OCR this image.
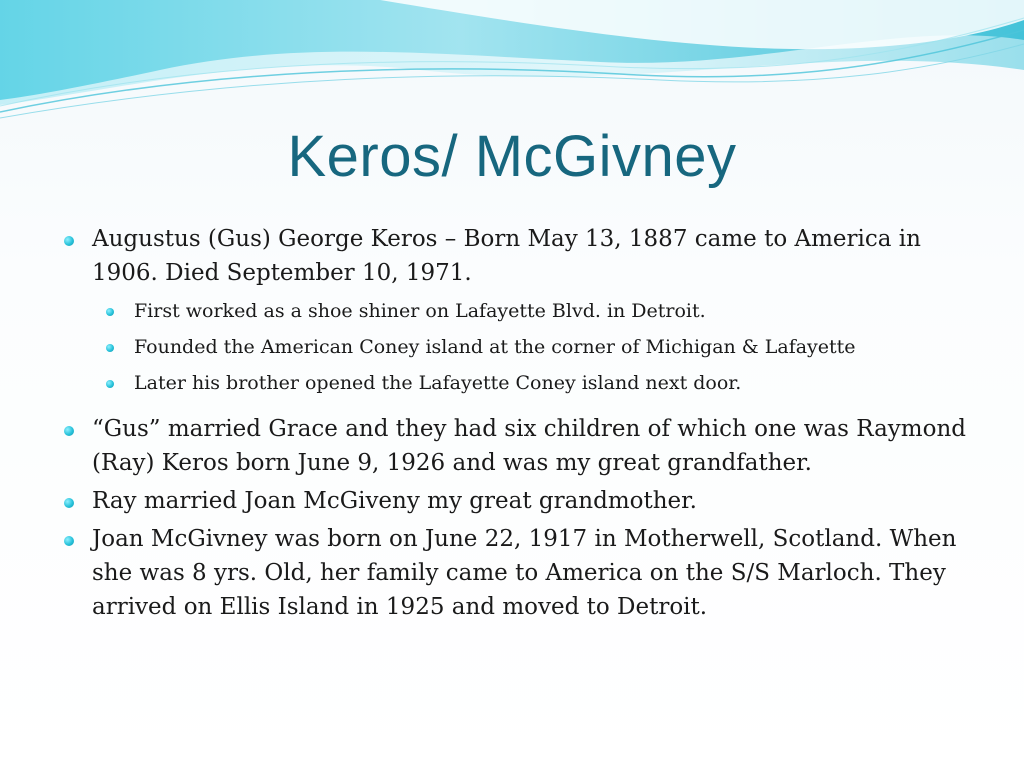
Keros/ McGivney
Augustus (Gus) George Keros – Born May 13, 1887 came to America in 1906. Died September 10, 1971.
First worked as a shoe shiner on Lafayette Blvd. in Detroit.
Founded the American Coney island at the corner of Michigan & Lafayette
Later his brother opened the Lafayette Coney island next door.
“Gus” married Grace and they had six children of which one was Raymond (Ray) Keros born June 9, 1926 and was my great grandfather.
Ray married Joan McGiveny my great grandmother.
Joan McGivney was born on June 22, 1917 in Motherwell, Scotland. When she was 8 yrs. Old, her family came to America on the S/S Marloch. They arrived on Ellis Island in 1925 and moved to Detroit.
